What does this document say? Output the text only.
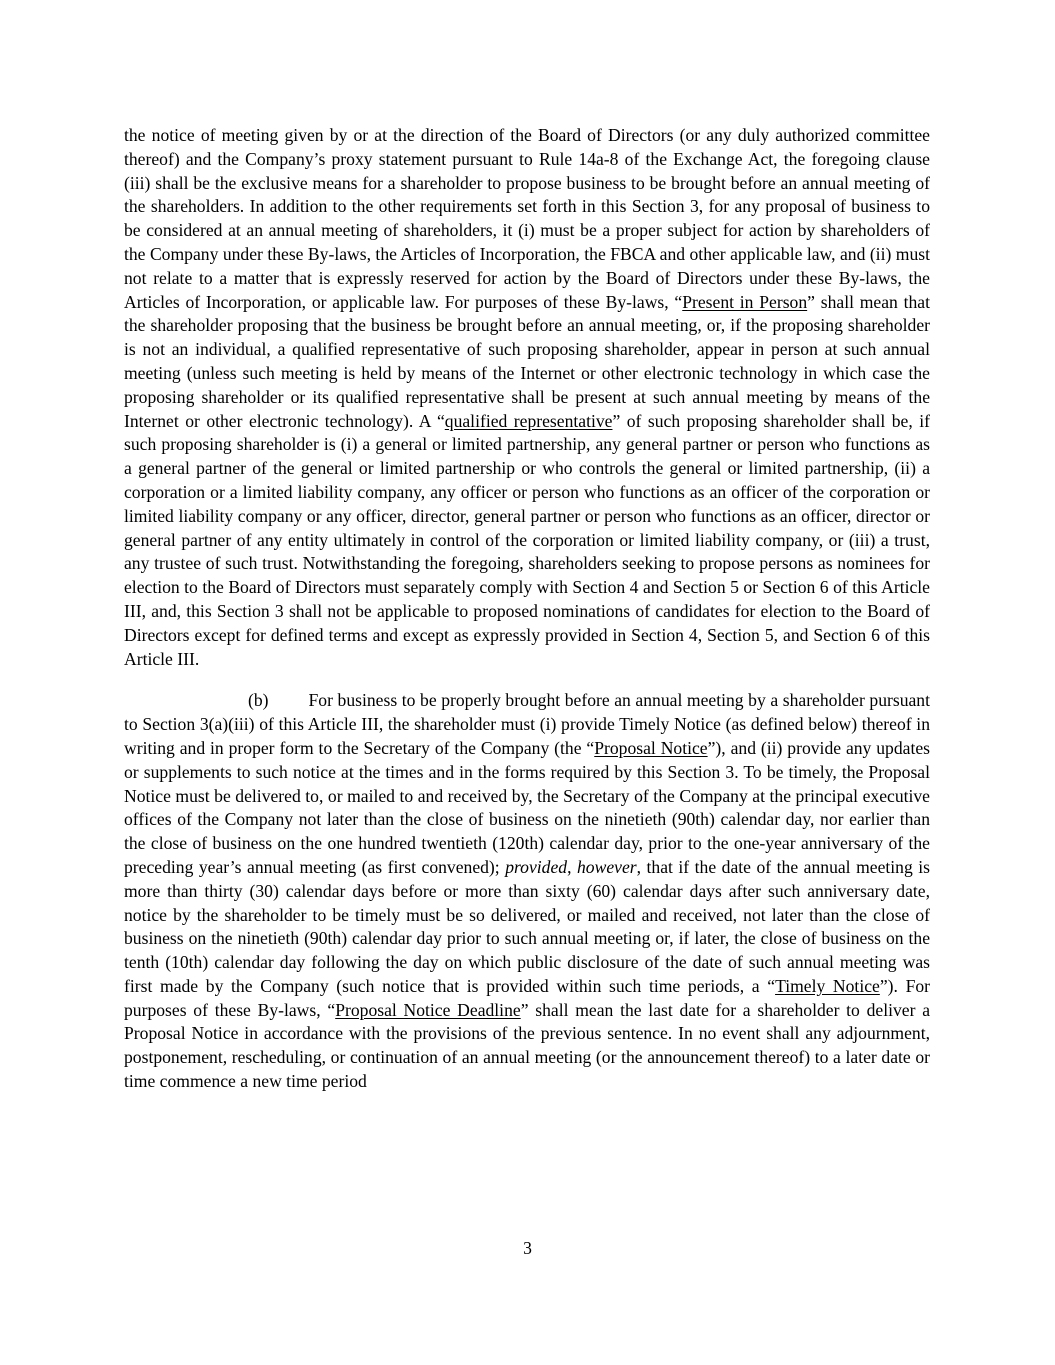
the notice of meeting given by or at the direction of the Board of Directors (or any duly authorized committee thereof) and the Company’s proxy statement pursuant to Rule 14a-8 of the Exchange Act, the foregoing clause (iii) shall be the exclusive means for a shareholder to propose business to be brought before an annual meeting of the shareholders. In addition to the other requirements set forth in this Section 3, for any proposal of business to be considered at an annual meeting of shareholders, it (i) must be a proper subject for action by shareholders of the Company under these By-laws, the Articles of Incorporation, the FBCA and other applicable law, and (ii) must not relate to a matter that is expressly reserved for action by the Board of Directors under these By-laws, the Articles of Incorporation, or applicable law. For purposes of these By-laws, “Present in Person” shall mean that the shareholder proposing that the business be brought before an annual meeting, or, if the proposing shareholder is not an individual, a qualified representative of such proposing shareholder, appear in person at such annual meeting (unless such meeting is held by means of the Internet or other electronic technology in which case the proposing shareholder or its qualified representative shall be present at such annual meeting by means of the Internet or other electronic technology). A “qualified representative” of such proposing shareholder shall be, if such proposing shareholder is (i) a general or limited partnership, any general partner or person who functions as a general partner of the general or limited partnership or who controls the general or limited partnership, (ii) a corporation or a limited liability company, any officer or person who functions as an officer of the corporation or limited liability company or any officer, director, general partner or person who functions as an officer, director or general partner of any entity ultimately in control of the corporation or limited liability company, or (iii) a trust, any trustee of such trust. Notwithstanding the foregoing, shareholders seeking to propose persons as nominees for election to the Board of Directors must separately comply with Section 4 and Section 5 or Section 6 of this Article III, and, this Section 3 shall not be applicable to proposed nominations of candidates for election to the Board of Directors except for defined terms and except as expressly provided in Section 4, Section 5, and Section 6 of this Article III.

(b) For business to be properly brought before an annual meeting by a shareholder pursuant to Section 3(a)(iii) of this Article III, the shareholder must (i) provide Timely Notice (as defined below) thereof in writing and in proper form to the Secretary of the Company (the “Proposal Notice”), and (ii) provide any updates or supplements to such notice at the times and in the forms required by this Section 3. To be timely, the Proposal Notice must be delivered to, or mailed to and received by, the Secretary of the Company at the principal executive offices of the Company not later than the close of business on the ninetieth (90th) calendar day, nor earlier than the close of business on the one hundred twentieth (120th) calendar day, prior to the one-year anniversary of the preceding year’s annual meeting (as first convened); provided, however, that if the date of the annual meeting is more than thirty (30) calendar days before or more than sixty (60) calendar days after such anniversary date, notice by the shareholder to be timely must be so delivered, or mailed and received, not later than the close of business on the ninetieth (90th) calendar day prior to such annual meeting or, if later, the close of business on the tenth (10th) calendar day following the day on which public disclosure of the date of such annual meeting was first made by the Company (such notice that is provided within such time periods, a “Timely Notice”). For purposes of these By-laws, “Proposal Notice Deadline” shall mean the last date for a shareholder to deliver a Proposal Notice in accordance with the provisions of the previous sentence. In no event shall any adjournment, postponement, rescheduling, or continuation of an annual meeting (or the announcement thereof) to a later date or time commence a new time period

3
